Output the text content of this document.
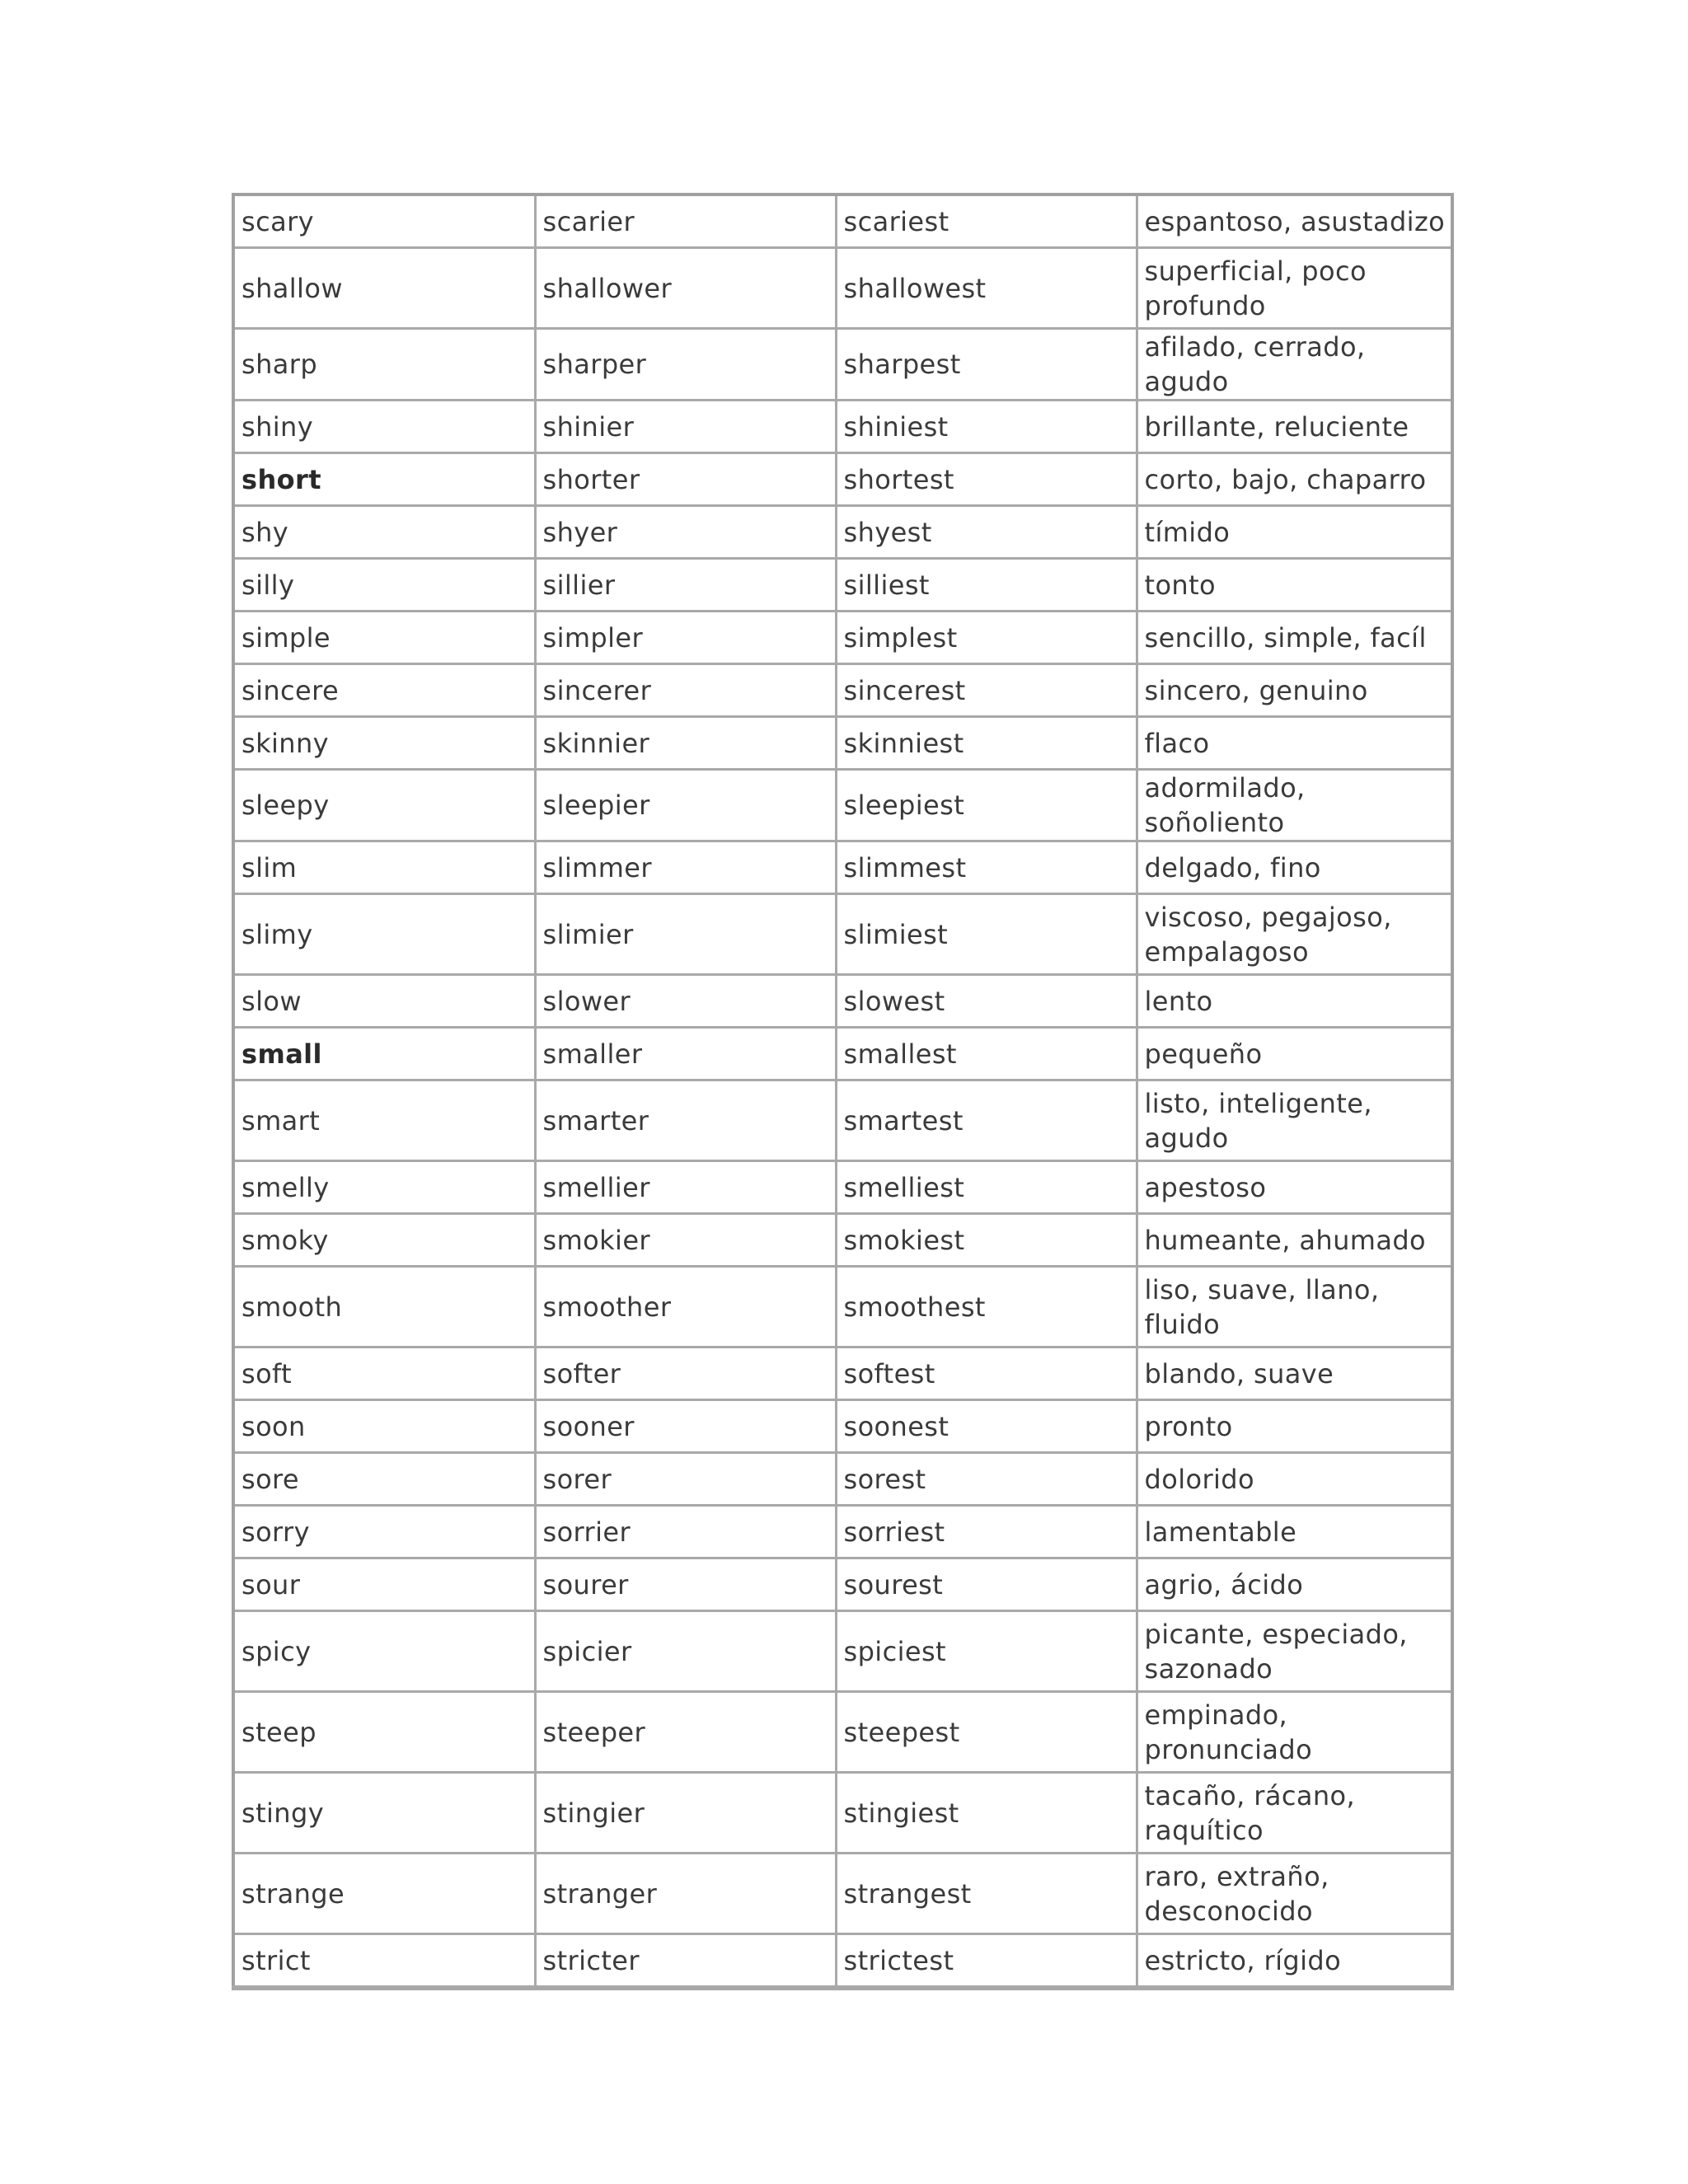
scary	scarier	scariest	espantoso, asustadizo
shallow	shallower	shallowest	superficial, poco profundo
sharp	sharper	sharpest	afilado, cerrado, agudo
shiny	shinier	shiniest	brillante, reluciente
short	shorter	shortest	corto, bajo, chaparro
shy	shyer	shyest	tímido
silly	sillier	silliest	tonto
simple	simpler	simplest	sencillo, simple, facíl
sincere	sincerer	sincerest	sincero, genuino
skinny	skinnier	skinniest	flaco
sleepy	sleepier	sleepiest	adormilado, soñoliento
slim	slimmer	slimmest	delgado, fino
slimy	slimier	slimiest	viscoso, pegajoso, empalagoso
slow	slower	slowest	lento
small	smaller	smallest	pequeño
smart	smarter	smartest	listo, inteligente, agudo
smelly	smellier	smelliest	apestoso
smoky	smokier	smokiest	humeante, ahumado
smooth	smoother	smoothest	liso, suave, llano, fluido
soft	softer	softest	blando, suave
soon	sooner	soonest	pronto
sore	sorer	sorest	dolorido
sorry	sorrier	sorriest	lamentable
sour	sourer	sourest	agrio, ácido
spicy	spicier	spiciest	picante, especiado, sazonado
steep	steeper	steepest	empinado, pronunciado
stingy	stingier	stingiest	tacaño, rácano, raquítico
strange	stranger	strangest	raro, extraño, desconocido
strict	stricter	strictest	estricto, rígido
